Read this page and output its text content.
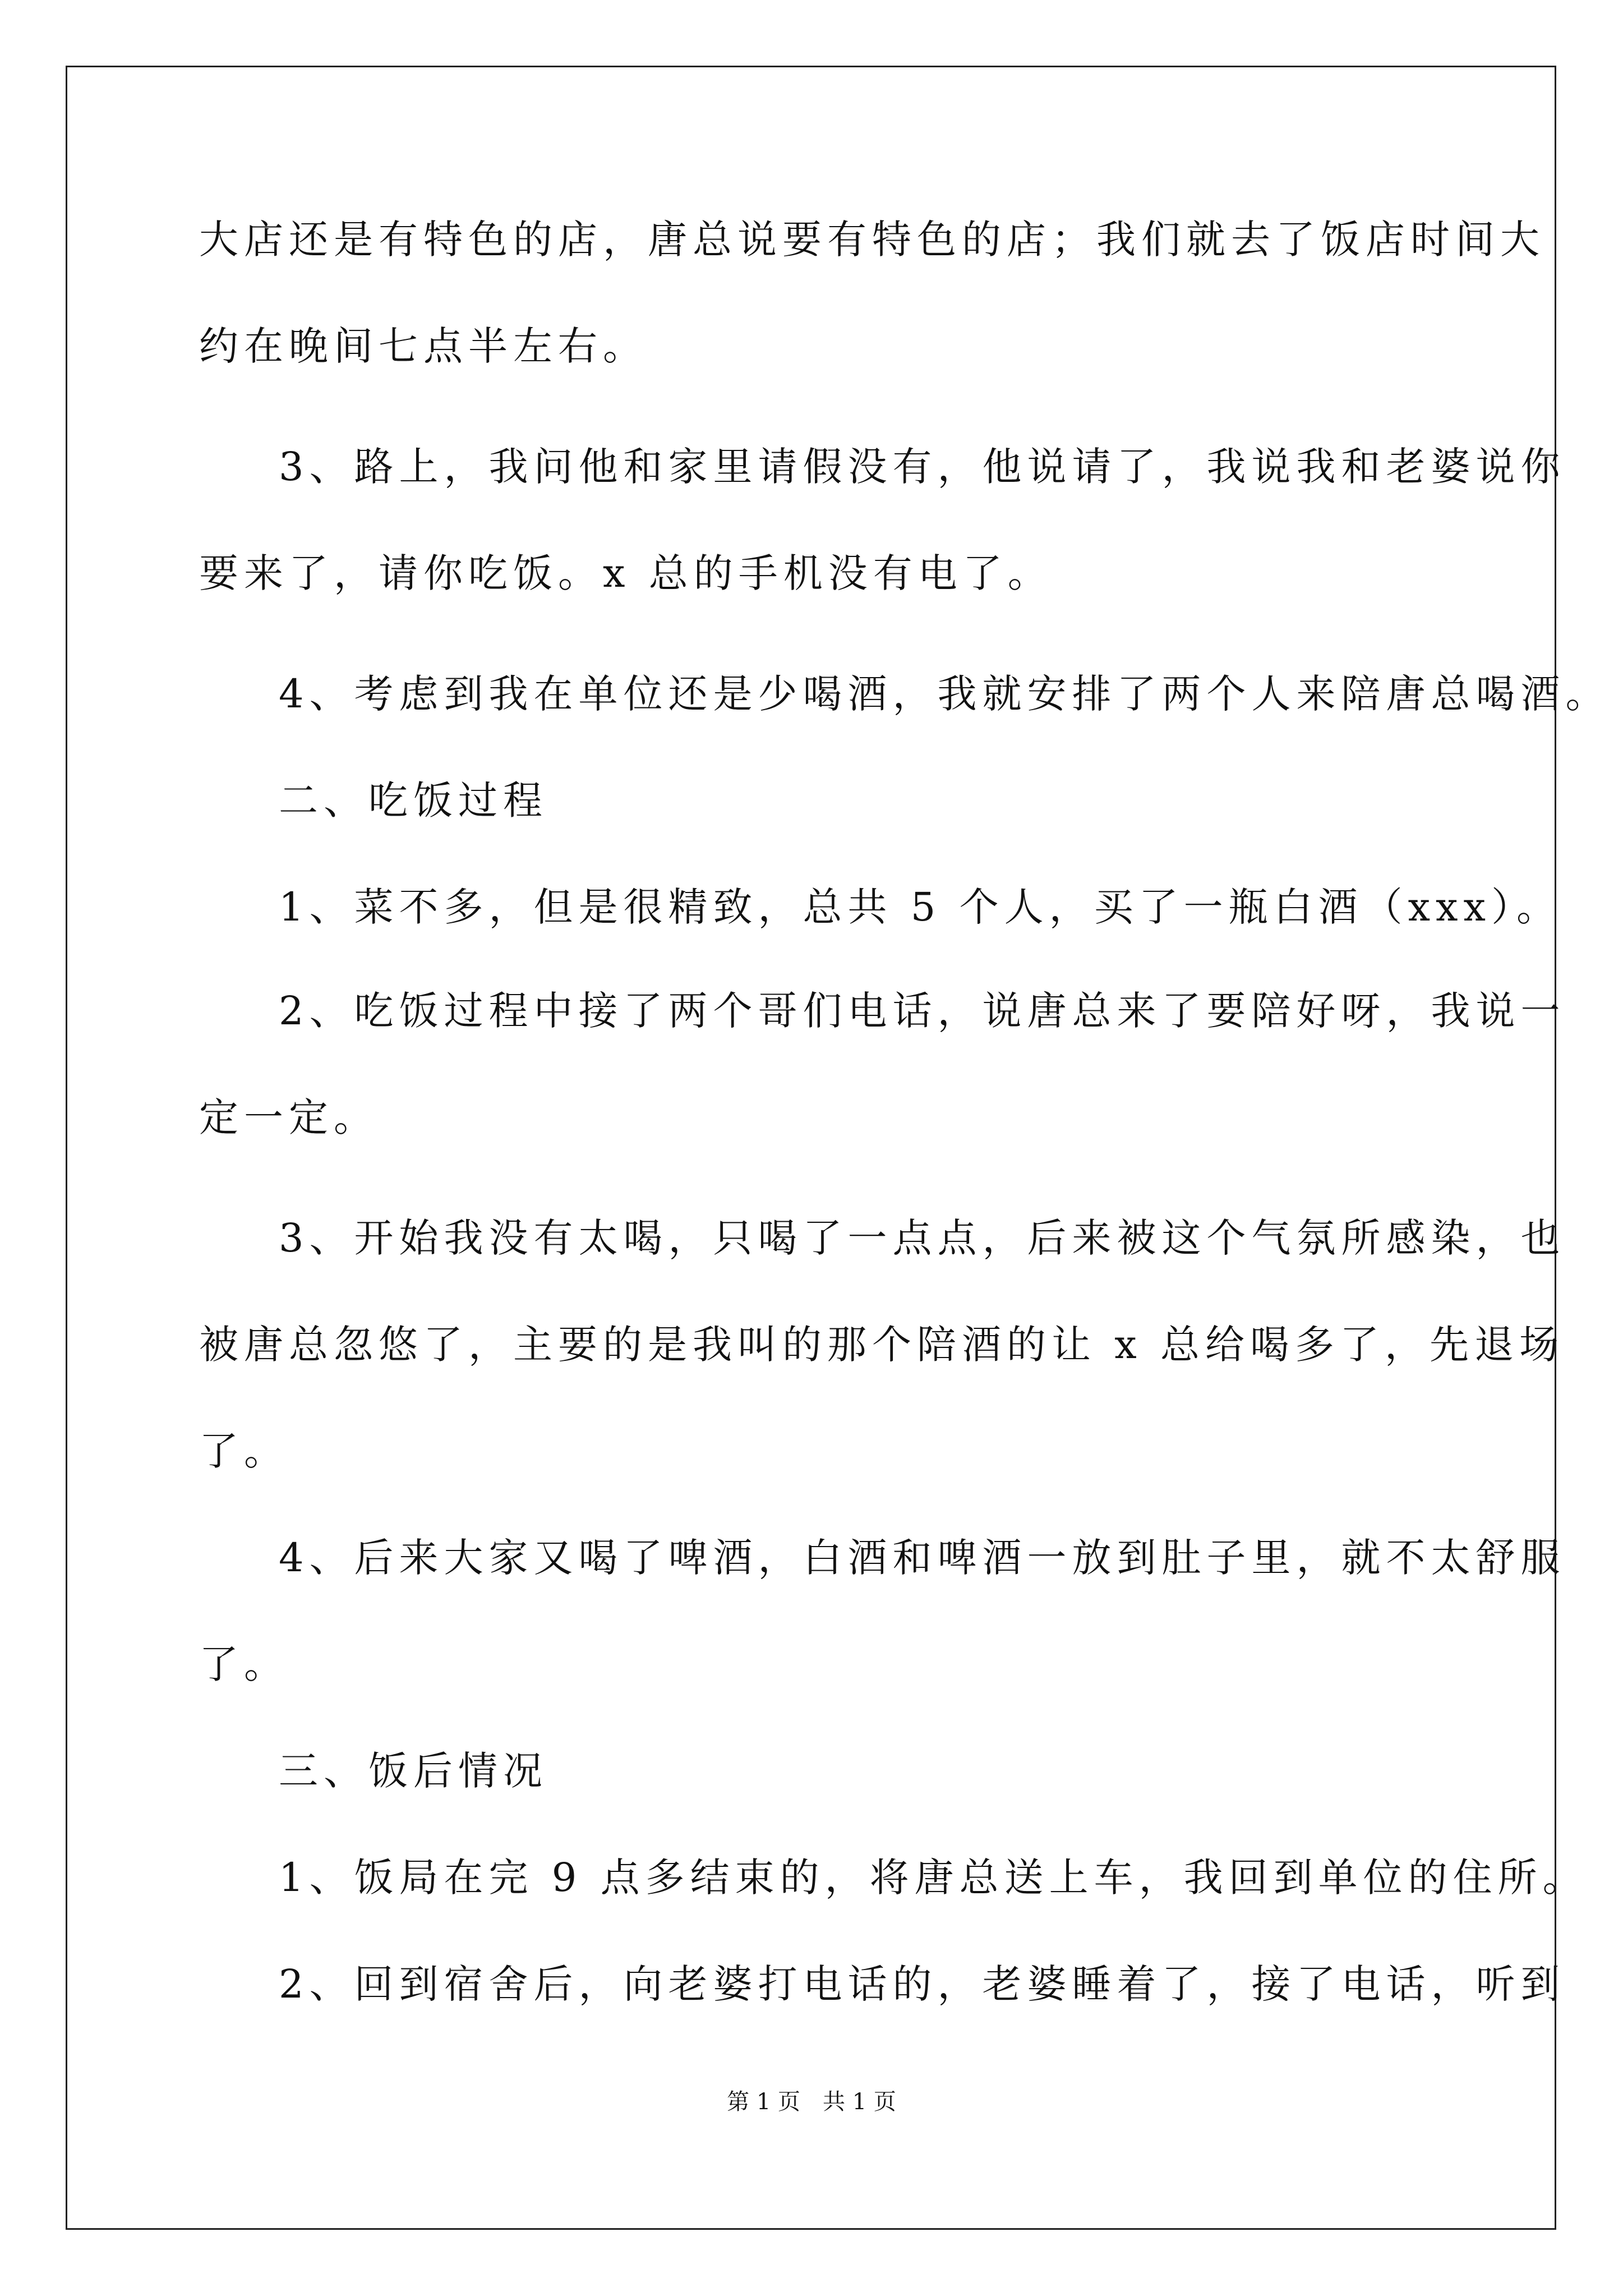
大店还是有特色的店，唐总说要有特色的店；我们就去了饭店时间大
约在晚间七点半左右。
3、路上，我问他和家里请假没有，他说请了，我说我和老婆说你
要来了，请你吃饭。x 总的手机没有电了。
4、考虑到我在单位还是少喝酒，我就安排了两个人来陪唐总喝酒。
二、吃饭过程
1、菜不多，但是很精致，总共 5 个人，买了一瓶白酒（xxx）。
2、吃饭过程中接了两个哥们电话，说唐总来了要陪好呀，我说一
定一定。
3、开始我没有太喝，只喝了一点点，后来被这个气氛所感染，也
被唐总忽悠了，主要的是我叫的那个陪酒的让 x 总给喝多了，先退场
了。
4、后来大家又喝了啤酒，白酒和啤酒一放到肚子里，就不太舒服
了。
三、饭后情况
1、饭局在完 9 点多结束的，将唐总送上车，我回到单位的住所。
2、回到宿舍后，向老婆打电话的，老婆睡着了，接了电话，听到
第 1 页　共 1 页
